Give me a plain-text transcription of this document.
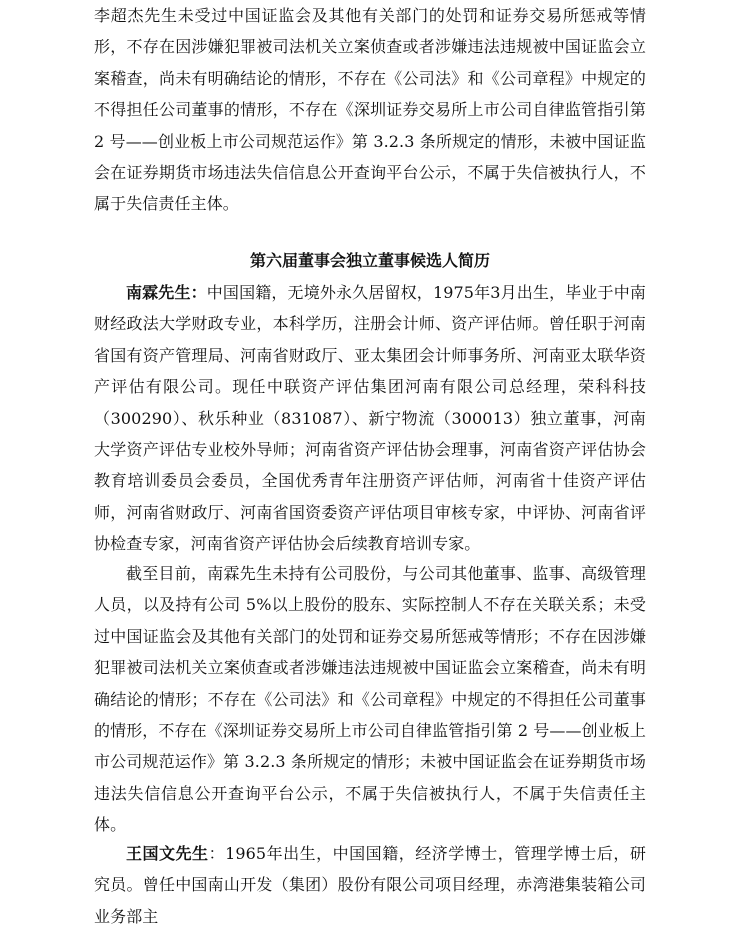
李超杰先生未受过中国证监会及其他有关部门的处罚和证券交易所惩戒等情形，不存在因涉嫌犯罪被司法机关立案侦查或者涉嫌违法违规被中国证监会立案稽查，尚未有明确结论的情形，不存在《公司法》和《公司章程》中规定的不得担任公司董事的情形，不存在《深圳证券交易所上市公司自律监管指引第 2 号——创业板上市公司规范运作》第 3.2.3 条所规定的情形，未被中国证监会在证券期货市场违法失信信息公开查询平台公示，不属于失信被执行人，不属于失信责任主体。

第六届董事会独立董事候选人简历

南霖先生：中国国籍，无境外永久居留权，1975年3月出生，毕业于中南财经政法大学财政专业，本科学历，注册会计师、资产评估师。曾任职于河南省国有资产管理局、河南省财政厅、亚太集团会计师事务所、河南亚太联华资产评估有限公司。现任中联资产评估集团河南有限公司总经理，荣科科技（300290）、秋乐种业（831087）、新宁物流（300013）独立董事，河南大学资产评估专业校外导师；河南省资产评估协会理事，河南省资产评估协会教育培训委员会委员，全国优秀青年注册资产评估师，河南省十佳资产评估师，河南省财政厅、河南省国资委资产评估项目审核专家，中评协、河南省评协检查专家，河南省资产评估协会后续教育培训专家。

截至目前，南霖先生未持有公司股份，与公司其他董事、监事、高级管理人员，以及持有公司 5%以上股份的股东、实际控制人不存在关联关系；未受过中国证监会及其他有关部门的处罚和证券交易所惩戒等情形；不存在因涉嫌犯罪被司法机关立案侦查或者涉嫌违法违规被中国证监会立案稽查，尚未有明确结论的情形；不存在《公司法》和《公司章程》中规定的不得担任公司董事的情形，不存在《深圳证券交易所上市公司自律监管指引第 2 号——创业板上市公司规范运作》第 3.2.3 条所规定的情形；未被中国证监会在证券期货市场违法失信信息公开查询平台公示，不属于失信被执行人，不属于失信责任主体。

王国文先生：1965年出生，中国国籍，经济学博士，管理学博士后，研究员。曾任中国南山开发（集团）股份有限公司项目经理，赤湾港集装箱公司业务部主
